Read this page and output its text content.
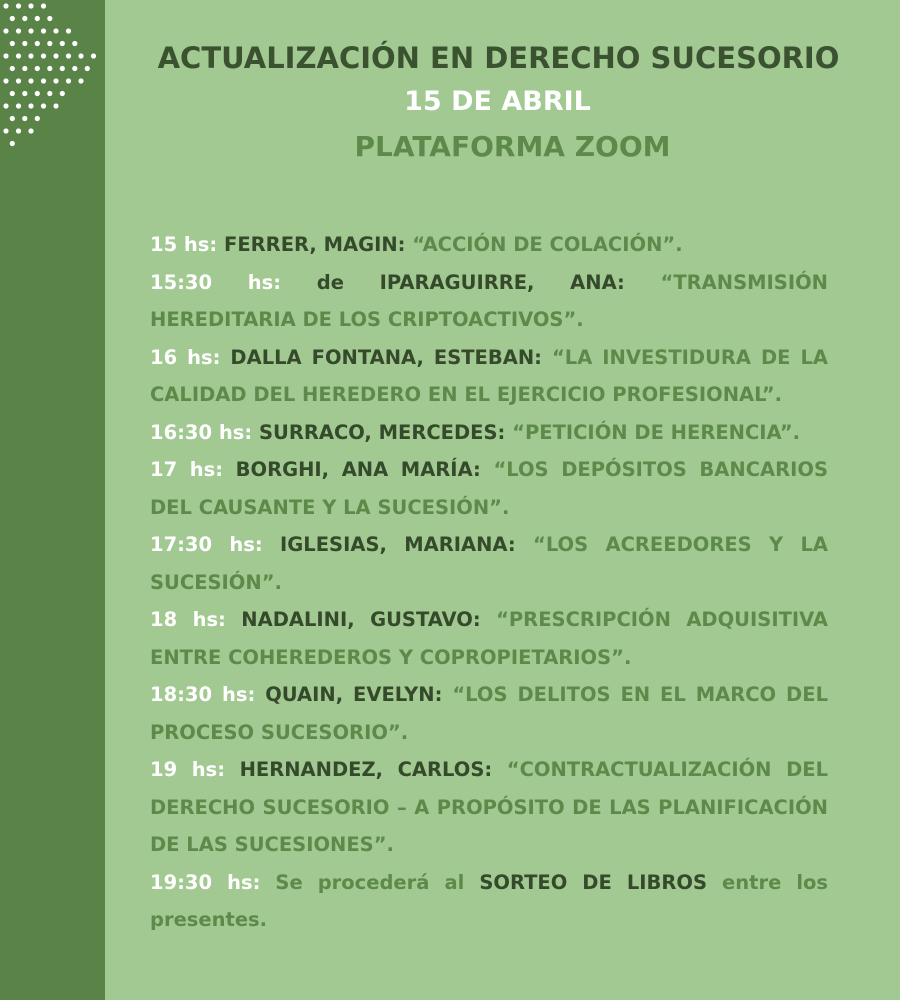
ACTUALIZACIÓN EN DERECHO SUCESORIO
15 DE ABRIL
PLATAFORMA ZOOM
15 hs: FERRER, MAGIN: “ACCIÓN DE COLACIÓN”.
15:30 hs: de IPARAGUIRRE, ANA: “TRANSMISIÓN HEREDITARIA DE LOS CRIPTOACTIVOS”.
16 hs: DALLA FONTANA, ESTEBAN: “LA INVESTIDURA DE LA CALIDAD DEL HEREDERO EN EL EJERCICIO PROFESIONAL”.
16:30 hs: SURRACO, MERCEDES: “PETICIÓN DE HERENCIA”.
17 hs: BORGHI, ANA MARÍA: “LOS DEPÓSITOS BANCARIOS DEL CAUSANTE Y LA SUCESIÓN”.
17:30 hs: IGLESIAS, MARIANA: “LOS ACREEDORES Y LA SUCESIÓN”.
18 hs: NADALINI, GUSTAVO: “PRESCRIPCIÓN ADQUISITIVA ENTRE COHEREDEROS Y COPROPIETARIOS”.
18:30 hs: QUAIN, EVELYN: “LOS DELITOS EN EL MARCO DEL PROCESO SUCESORIO”.
19 hs: HERNANDEZ, CARLOS: “CONTRACTUALIZACIÓN DEL DERECHO SUCESORIO – A PROPÓSITO DE LAS PLANIFICACIÓN DE LAS SUCESIONES”.
19:30 hs: Se procederá al SORTEO DE LIBROS entre los presentes.
